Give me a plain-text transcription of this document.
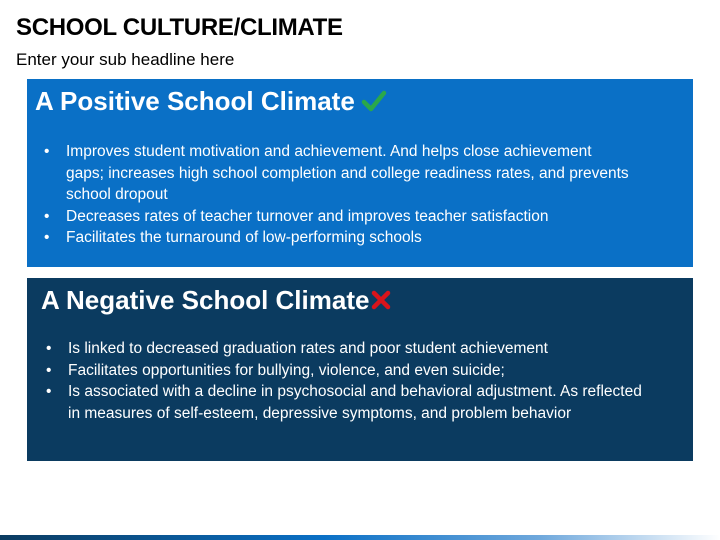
SCHOOL CULTURE/CLIMATE
Enter your sub headline here
A Positive School Climate
• Improves student motivation and achievement. And helps close achievement gaps; increases high school completion and college readiness rates, and prevents school dropout
• Decreases rates of teacher turnover and improves teacher satisfaction
• Facilitates the turnaround of low-performing schools
A Negative School Climate
• Is linked to decreased graduation rates and poor student achievement
• Facilitates opportunities for bullying, violence, and even suicide;
• Is associated with a decline in psychosocial and behavioral adjustment. As reflected in measures of self-esteem, depressive symptoms, and problem behavior
